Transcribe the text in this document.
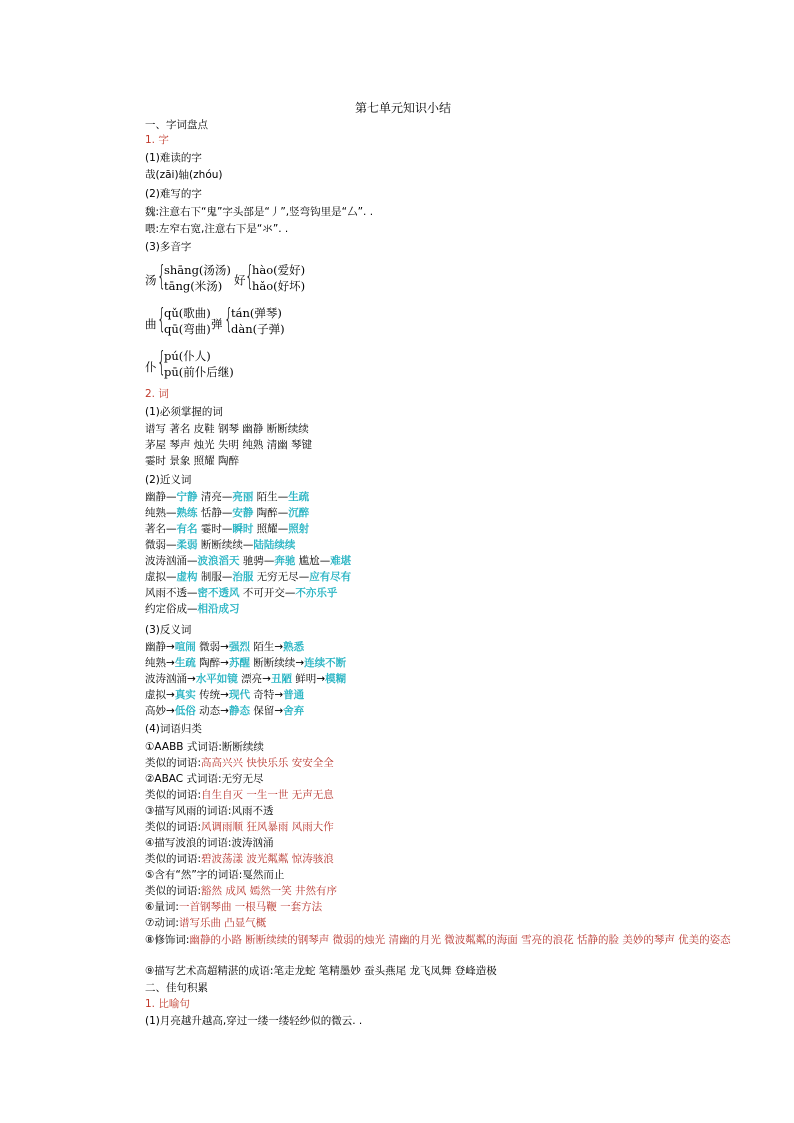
第七单元知识小结
一、字词盘点
1. 字
(1)难读的字
哉(zāi)轴(zhóu)
(2)难写的字
魏:注意右下“鬼”字头部是“丿”,竖弯钩里是“厶”. .
喂:左窄右宽,注意右下是“氺”. .
(3)多音字
汤 {
shāng(汤汤)
tāng(米汤) 好 {
hào(爱好)
hǎo(好坏)
曲 {
qǔ(歌曲)
qū(弯曲) 弹 {
tán(弹琴)
dàn(子弹)
仆 {
pú(仆人)
pū(前仆后继)
2. 词
(1)必须掌握的词
谱写 著名 皮鞋 钢琴 幽静 断断续续
茅屋 琴声 烛光 失明 纯熟 清幽 琴键
霎时 景象 照耀 陶醉
(2)近义词
幽静—宁静 清亮—亮丽 陌生—生疏
纯熟—熟练 恬静—安静 陶醉—沉醉
著名—有名 霎时—瞬时 照耀—照射
微弱—柔弱 断断续续—陆陆续续
波涛汹涌—波浪滔天 驰骋—奔驰 尴尬—难堪
虚拟—虚构 制服—治服 无穷无尽—应有尽有
风雨不透—密不透风 不可开交—不亦乐乎
约定俗成—相沿成习
(3)反义词
幽静→喧闹 微弱→强烈 陌生→熟悉
纯熟→生疏 陶醉→苏醒 断断续续→连续不断
波涛汹涌→水平如镜 漂亮→丑陋 鲜明→模糊
虚拟→真实 传统→现代 奇特→普通
高妙→低俗 动态→静态 保留→舍弃
(4)词语归类
①AABB 式词语:断断续续
类似的词语:高高兴兴 快快乐乐 安安全全
②ABAC 式词语:无穷无尽
类似的词语:自生自灭 一生一世 无声无息
③描写风雨的词语:风雨不透
类似的词语:风调雨顺 狂风暴雨 风雨大作
④描写波浪的词语:波涛汹涌
类似的词语:碧波荡漾 波光粼粼 惊涛骇浪
⑤含有“然”字的词语:戛然而止
类似的词语:豁然 成风 嫣然一笑 井然有序
⑥量词:一首钢琴曲 一根马鞭 一套方法
⑦动词:谱写乐曲 凸显气概
⑧修饰词:幽静的小路 断断续续的钢琴声 微弱的烛光 清幽的月光 微波粼粼的海面 雪亮的浪花 恬静的脸 美妙的琴声 优美的姿态
⑨描写艺术高超精湛的成语:笔走龙蛇 笔精墨妙 蚕头燕尾 龙飞凤舞 登峰造极
二、佳句积累
1. 比喻句
(1)月亮越升越高,穿过一缕一缕轻纱似的微云. .
